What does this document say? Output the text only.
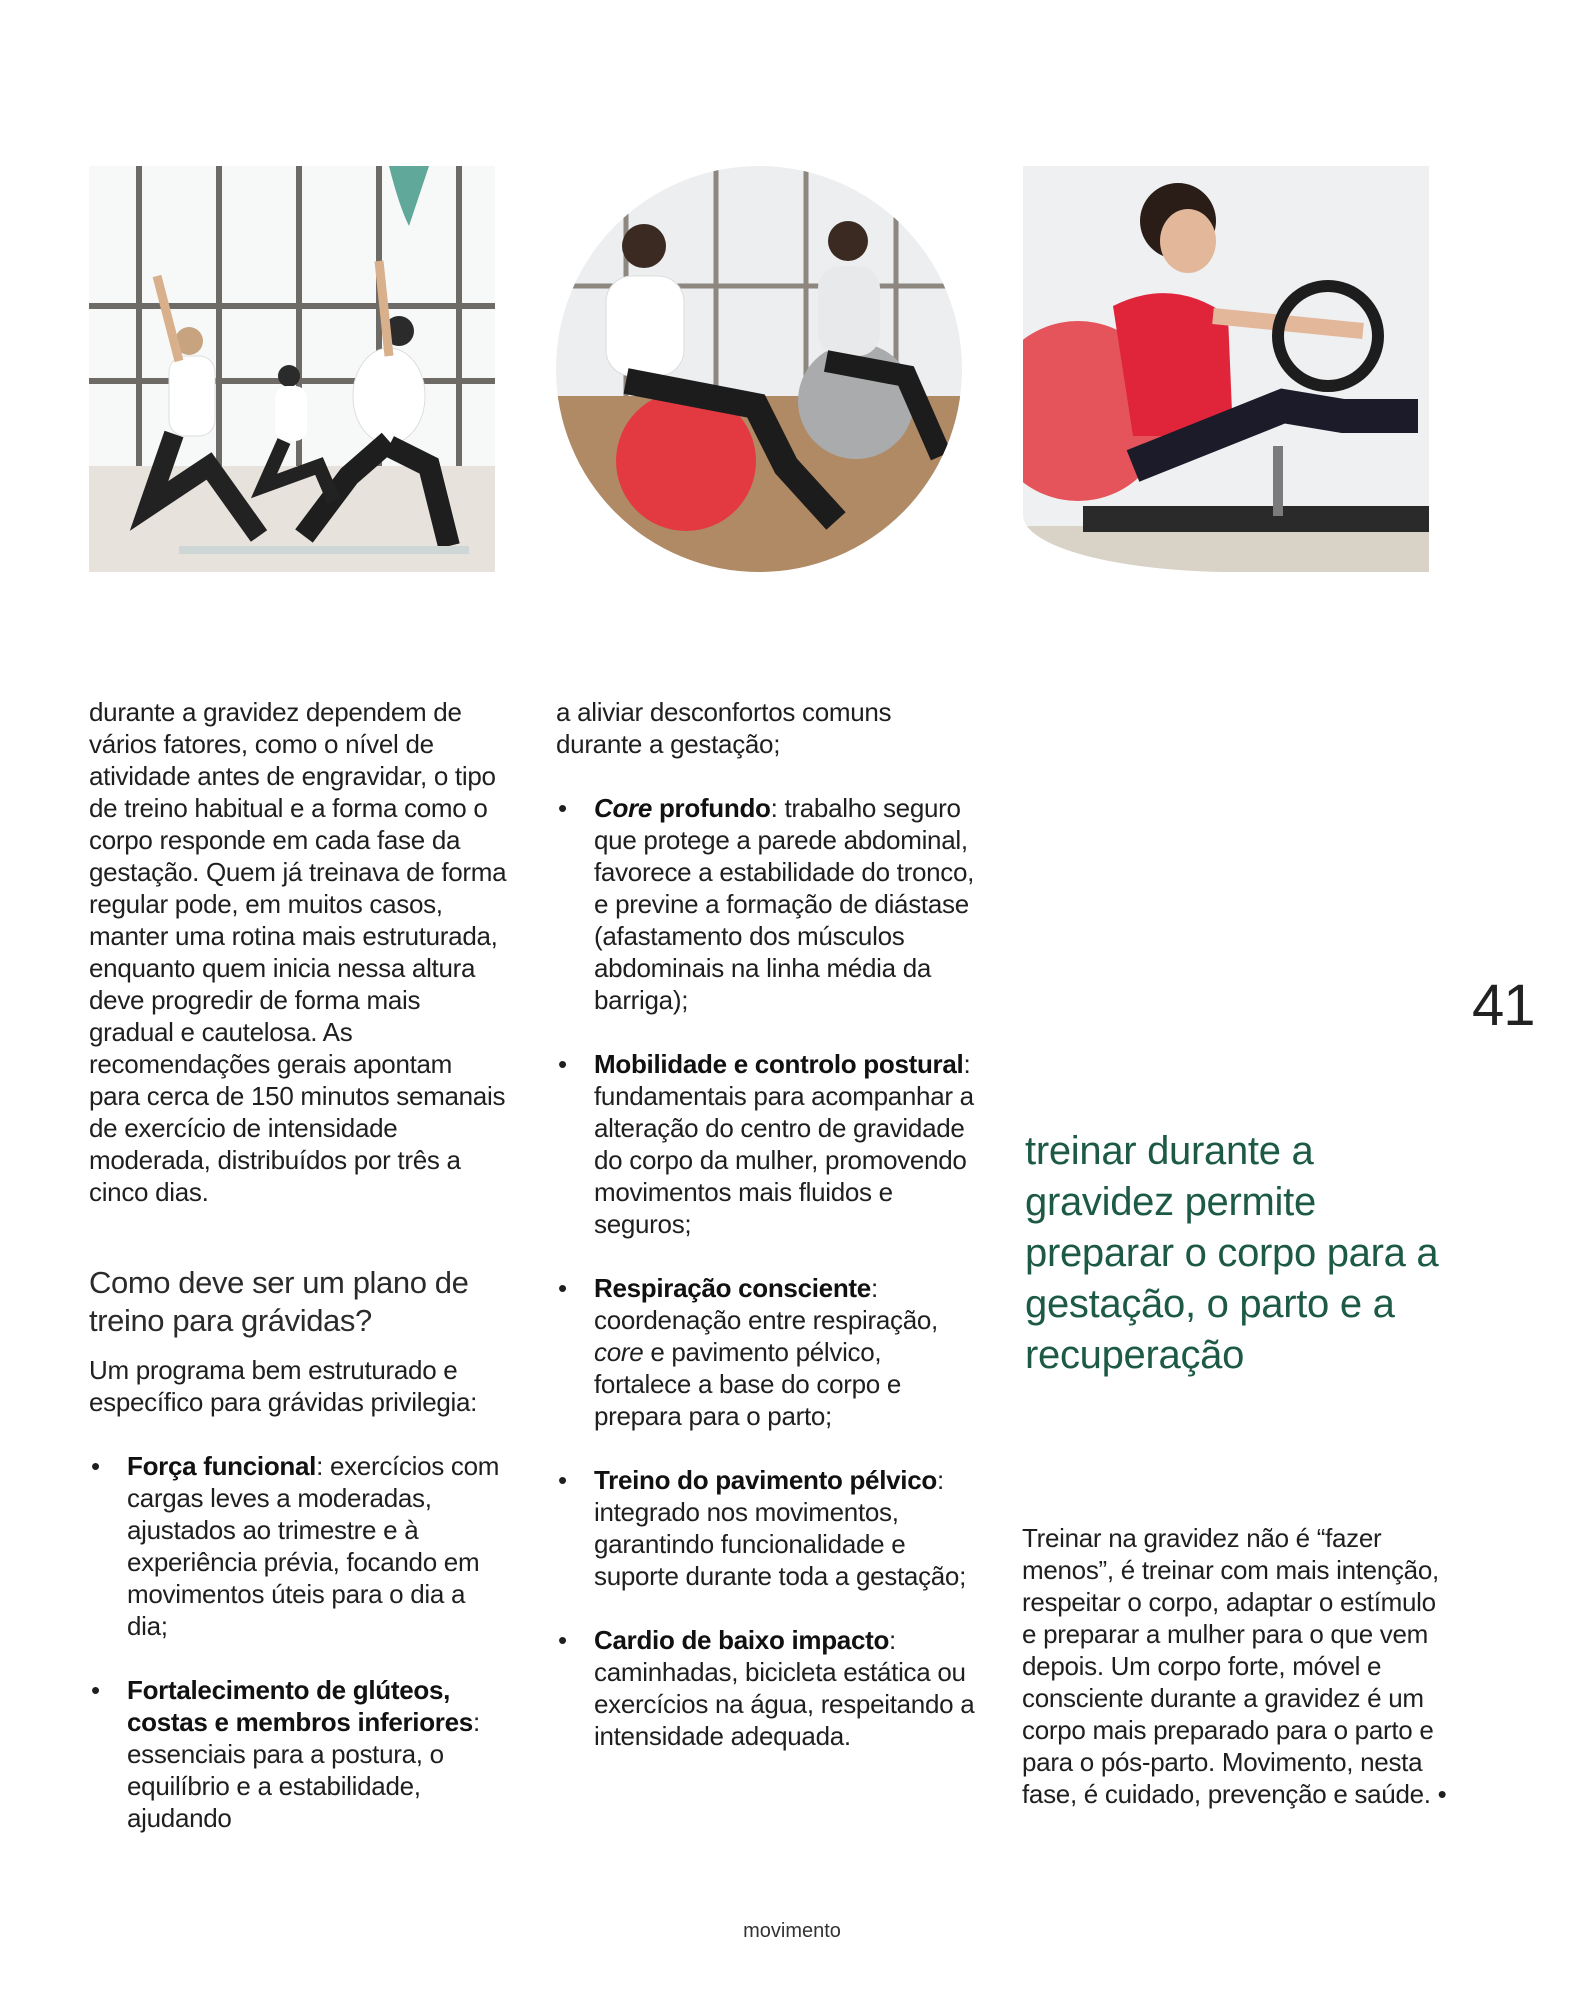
durante a gravidez dependem de vários fatores, como o nível de atividade antes de engravidar, o tipo de treino habitual e a forma como o corpo responde em cada fase da gestação. Quem já treinava de forma regular pode, em muitos casos, manter uma rotina mais estruturada, enquanto quem inicia nessa altura deve progredir de forma mais gradual e cautelosa. As recomendações gerais apontam para cerca de 150 minutos semanais de exercício de intensidade moderada, distribuídos por três a cinco dias.

Como deve ser um plano de treino para grávidas?

Um programa bem estruturado e específico para grávidas privilegia:

• Força funcional: exercícios com cargas leves a moderadas, ajustados ao trimestre e à experiência prévia, focando em movimentos úteis para o dia a dia;
• Fortalecimento de glúteos, costas e membros inferiores: essenciais para a postura, o equilíbrio e a estabilidade, ajudando

a aliviar desconfortos comuns durante a gestação;

• Core profundo: trabalho seguro que protege a parede abdominal, favorece a estabilidade do tronco, e previne a formação de diástase (afastamento dos músculos abdominais na linha média da barriga);
• Mobilidade e controlo postural: fundamentais para acompanhar a alteração do centro de gravidade do corpo da mulher, promovendo movimentos mais fluidos e seguros;
• Respiração consciente: coordenação entre respiração, core e pavimento pélvico, fortalece a base do corpo e prepara para o parto;
• Treino do pavimento pélvico: integrado nos movimentos, garantindo funcionalidade e suporte durante toda a gestação;
• Cardio de baixo impacto: caminhadas, bicicleta estática ou exercícios na água, respeitando a intensidade adequada.

treinar durante a gravidez permite preparar o corpo para a gestação, o parto e a recuperação

Treinar na gravidez não é “fazer menos”, é treinar com mais intenção, respeitar o corpo, adaptar o estímulo e preparar a mulher para o que vem depois. Um corpo forte, móvel e consciente durante a gravidez é um corpo mais preparado para o parto e para o pós-parto. Movimento, nesta fase, é cuidado, prevenção e saúde. •

41

movimento
